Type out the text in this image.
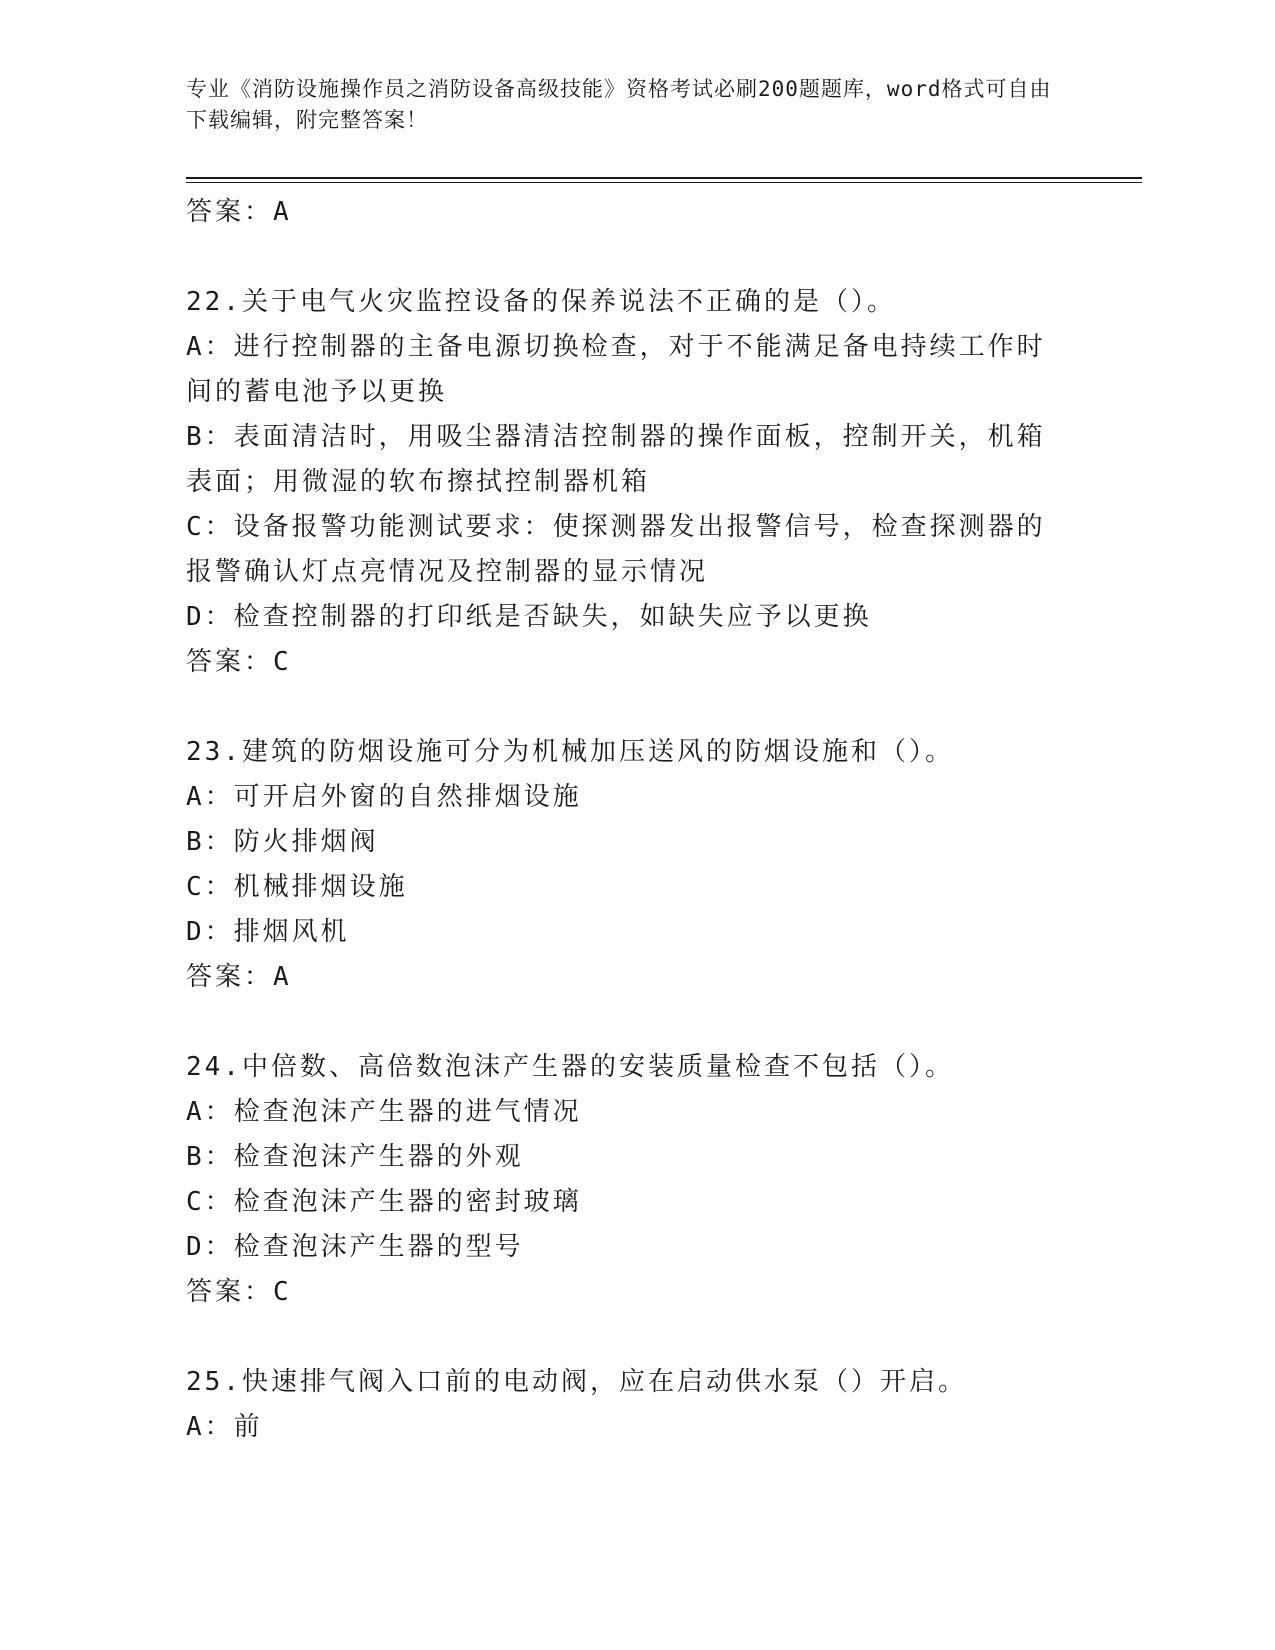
专业《消防设施操作员之消防设备高级技能》资格考试必刷200题题库，word格式可自由下载编辑，附完整答案！
答案：A
22.关于电气火灾监控设备的保养说法不正确的是（）。
A：进行控制器的主备电源切换检查，对于不能满足备电持续工作时间的蓄电池予以更换
B：表面清洁时，用吸尘器清洁控制器的操作面板，控制开关，机箱表面；用微湿的软布擦拭控制器机箱
C：设备报警功能测试要求：使探测器发出报警信号，检查探测器的报警确认灯点亮情况及控制器的显示情况
D：检查控制器的打印纸是否缺失，如缺失应予以更换
答案：C
23.建筑的防烟设施可分为机械加压送风的防烟设施和（）。
A：可开启外窗的自然排烟设施
B：防火排烟阀
C：机械排烟设施
D：排烟风机
答案：A
24.中倍数、高倍数泡沫产生器的安装质量检查不包括（）。
A：检查泡沫产生器的进气情况
B：检查泡沫产生器的外观
C：检查泡沫产生器的密封玻璃
D：检查泡沫产生器的型号
答案：C
25.快速排气阀入口前的电动阀，应在启动供水泵（）开启。
A：前
